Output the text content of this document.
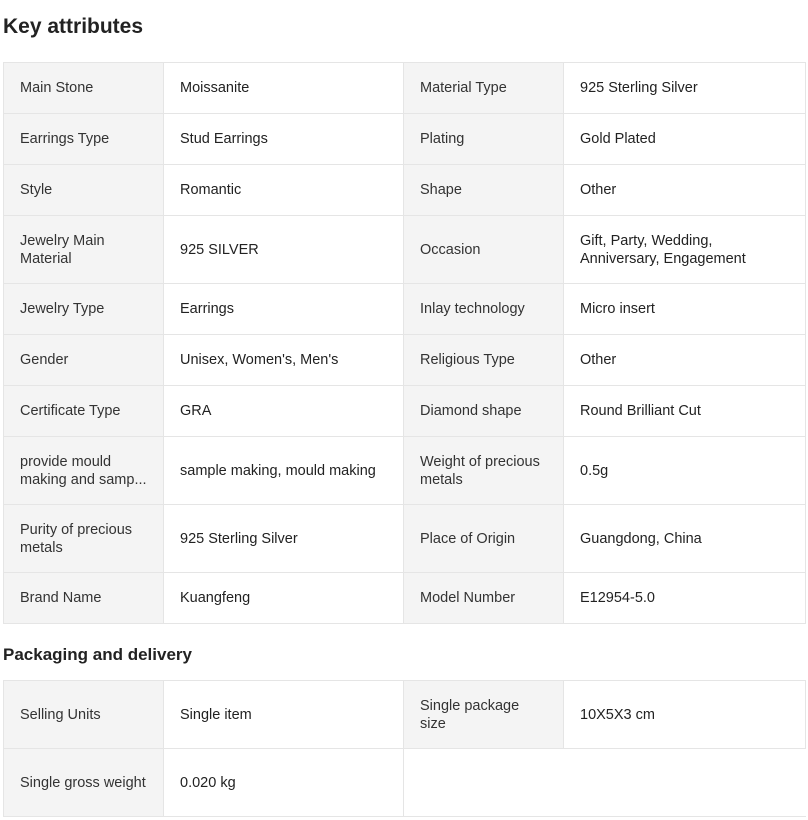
Key attributes
Main Stone	Moissanite	Material Type	925 Sterling Silver
Earrings Type	Stud Earrings	Plating	Gold Plated
Style	Romantic	Shape	Other
Jewelry Main Material	925 SILVER	Occasion	Gift, Party, Wedding, Anniversary, Engagement
Jewelry Type	Earrings	Inlay technology	Micro insert
Gender	Unisex, Women's, Men's	Religious Type	Other
Certificate Type	GRA	Diamond shape	Round Brilliant Cut

provide mould making and samp...	sample making, mould making	Weight of precious metals	0.5g
Purity of precious metals	925 Sterling Silver	Place of Origin	Guangdong, China
Brand Name	Kuangfeng	Model Number	E12954-5.0
Packaging and delivery
Selling Units	Single item	Single package size	10X5X3 cm
Single gross weight	0.020 kg		
